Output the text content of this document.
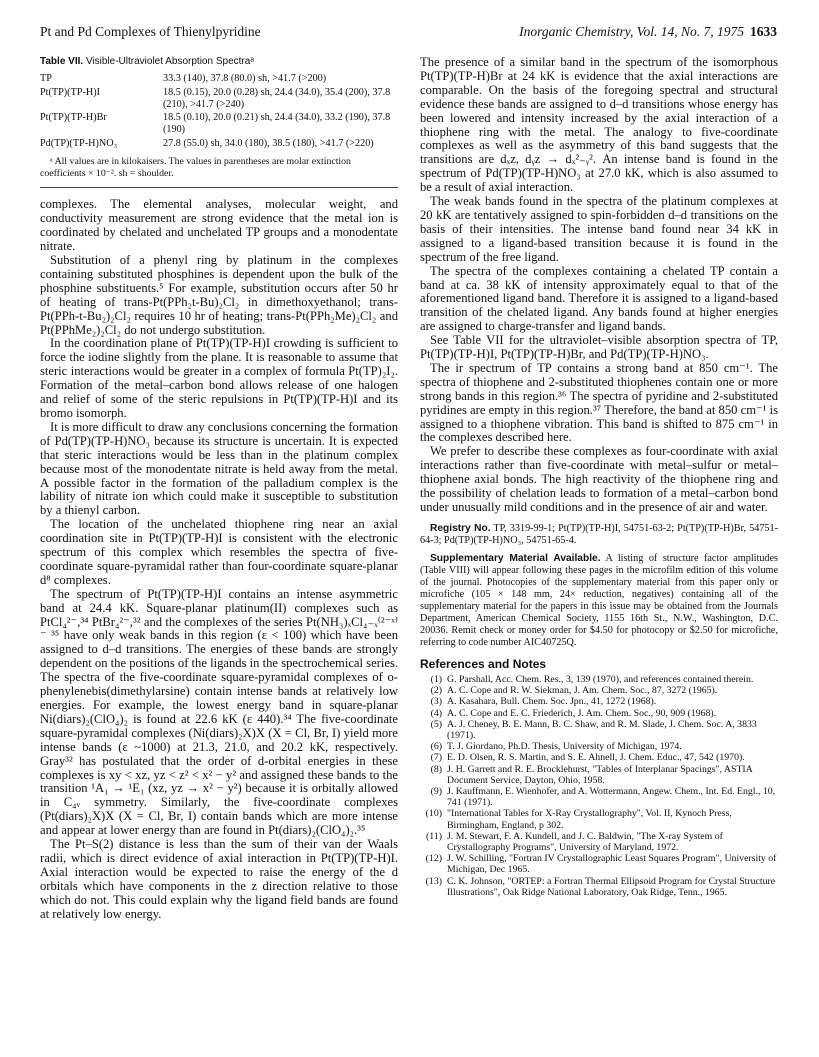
Pt and Pd Complexes of Thienylpyridine	Inorganic Chemistry, Vol. 14, No. 7, 1975 1633
Table VII. Visible-Ultraviolet Absorption Spectraᵃ
TP	33.3 (140), 37.8 (80.0) sh, >41.7 (>200)
Pt(TP)(TP-H)I	18.5 (0.15), 20.0 (0.28) sh, 24.4 (34.0), 35.4 (200), 37.8 (210), >41.7 (>240)
Pt(TP)(TP-H)Br	18.5 (0.10), 20.0 (0.21) sh, 24.4 (34.0), 33.2 (190), 37.8 (190)
Pd(TP)(TP-H)NO₃	27.8 (55.0) sh, 34.0 (180), 38.5 (180), >41.7 (>220)
ᵃ All values are in kilokaisers. The values in parentheses are molar extinction coefficients × 10⁻². sh = shoulder.

complexes. The elemental analyses, molecular weight, and conductivity measurement are strong evidence that the metal ion is coordinated by chelated and unchelated TP groups and a monodentate nitrate.

Substitution of a phenyl ring by platinum in the complexes containing substituted phosphines is dependent upon the bulk of the phosphine substituents.⁵ For example, substitution occurs after 50 hr of heating of trans-Pt(PPh₂t-Bu)₂Cl₂ in dimethoxyethanol; trans-Pt(PPh-t-Bu₂)₂Cl₂ requires 10 hr of heating; trans-Pt(PPh₂Me)₂Cl₂ and Pt(PPhMe₂)₂Cl₂ do not undergo substitution.

In the coordination plane of Pt(TP)(TP-H)I crowding is sufficient to force the iodine slightly from the plane. It is reasonable to assume that steric interactions would be greater in a complex of formula Pt(TP)₂I₂. Formation of the metal–carbon bond allows release of one halogen and relief of some of the steric repulsions in Pt(TP)(TP-H)I and its bromo isomorph.

It is more difficult to draw any conclusions concerning the formation of Pd(TP)(TP-H)NO₃ because its structure is uncertain. It is expected that steric interactions would be less than in the platinum complex because most of the monodentate nitrate is held away from the metal. A possible factor in the formation of the palladium complex is the lability of nitrate ion which could make it susceptible to substitution by a thienyl carbon.

The location of the unchelated thiophene ring near an axial coordination site in Pt(TP)(TP-H)I is consistent with the electronic spectrum of this complex which resembles the spectra of five-coordinate square-pyramidal rather than four-coordinate square-planar d⁸ complexes.

The spectrum of Pt(TP)(TP-H)I contains an intense asymmetric band at 24.4 kK. Square-planar platinum(II) complexes such as PtCl₄²⁻,³⁴ PtBr₄²⁻,³² and the complexes of the series Pt(NH₃)ₓCl₄₋ₓ⁽²⁻ˣ⁾⁻ ³⁵ have only weak bands in this region (ε < 100) which have been assigned to d–d transitions. The energies of these bands are strongly dependent on the positions of the ligands in the spectrochemical series. The spectra of the five-coordinate square-pyramidal complexes of o-phenylenebis(dimethylarsine) contain intense bands at relatively low energies. For example, the lowest energy band in square-planar Ni(diars)₂(ClO₄)₂ is found at 22.6 kK (ε 440).³⁴ The five-coordinate square-pyramidal complexes (Ni(diars)₂X)X (X = Cl, Br, I) yield more intense bands (ε ~1000) at 21.3, 21.0, and 20.2 kK, respectively. Gray³² has postulated that the order of d-orbital energies in these complexes is xy < xz, yz < z² < x² − y² and assigned these bands to the transition ¹A₁ → ¹E₁ (xz, yz → x² − y²) because it is orbitally allowed in C₄ᵥ symmetry. Similarly, the five-coordinate complexes (Pt(diars)₂X)X (X = Cl, Br, I) contain bands which are more intense and appear at lower energy than are found in Pt(diars)₂(ClO₄)₂.³⁵

The Pt–S(2) distance is less than the sum of their van der Waals radii, which is direct evidence of axial interaction in Pt(TP)(TP-H)I. Axial interaction would be expected to raise the energy of the d orbitals which have components in the z direction relative to those which do not. This could explain why the ligand field bands are found at relatively low energy.

The presence of a similar band in the spectrum of the isomorphous Pt(TP)(TP-H)Br at 24 kK is evidence that the axial interactions are comparable. On the basis of the foregoing spectral and structural evidence these bands are assigned to d–d transitions whose energy has been lowered and intensity increased by the axial interaction of a thiophene ring with the metal. The analogy to five-coordinate complexes as well as the asymmetry of this band suggests that the transitions are dₓz, dᵧz → dₓ²₋ᵧ². An intense band is found in the spectrum of Pd(TP)(TP-H)NO₃ at 27.0 kK, which is also assumed to be a result of axial interaction.

The weak bands found in the spectra of the platinum complexes at 20 kK are tentatively assigned to spin-forbidden d–d transitions on the basis of their intensities. The intense band found near 34 kK in assigned to a ligand-based transition because it is found in the spectrum of the free ligand.

The spectra of the complexes containing a chelated TP contain a band at ca. 38 kK of intensity approximately equal to that of the aforementioned ligand band. Therefore it is assigned to a ligand-based transition of the chelated ligand. Any bands found at higher energies are assigned to charge-transfer and ligand bands.

See Table VII for the ultraviolet–visible absorption spectra of TP, Pt(TP)(TP-H)I, Pt(TP)(TP-H)Br, and Pd(TP)(TP-H)NO₃.

The ir spectrum of TP contains a strong band at 850 cm⁻¹. The spectra of thiophene and 2-substituted thiophenes contain one or more strong bands in this region.³⁶ The spectra of pyridine and 2-substituted pyridines are empty in this region.³⁷ Therefore, the band at 850 cm⁻¹ is assigned to a thiophene vibration. This band is shifted to 875 cm⁻¹ in the complexes described here.

We prefer to describe these complexes as four-coordinate with axial interactions rather than five-coordinate with metal–sulfur or metal–thiophene axial bonds. The high reactivity of the thiophene ring and the possibility of chelation leads to formation of a metal–carbon bond under unusually mild conditions and in the presence of air and water.

Registry No. TP, 3319-99-1; Pt(TP)(TP-H)I, 54751-63-2; Pt(TP)(TP-H)Br, 54751-64-3; Pd(TP)(TP-H)NO₃, 54751-65-4.
Supplementary Material Available. A listing of structure factor amplitudes (Table VIII) will appear following these pages in the microfilm edition of this volume of the journal. Photocopies of the supplementary material from this paper only or microfiche (105 × 148 mm, 24× reduction, negatives) containing all of the supplementary material for the papers in this issue may be obtained from the Journals Department, American Chemical Society, 1155 16th St., N.W., Washington, D.C. 20036. Remit check or money order for $4.50 for photocopy or $2.50 for microfiche, referring to code number AIC40725Q.
References and Notes
(1) G. Parshall, Acc. Chem. Res., 3, 139 (1970), and references contained therein.
(2) A. C. Cope and R. W. Siekman, J. Am. Chem. Soc., 87, 3272 (1965).
(3) A. Kasahara, Bull. Chem. Soc. Jpn., 41, 1272 (1968).
(4) A. C. Cope and E. C. Friederich, J. Am. Chem. Soc., 90, 909 (1968).
(5) A. J. Cheney, B. E. Mann, B. C. Shaw, and R. M. Slade, J. Chem. Soc. A, 3833 (1971).
(6) T. J. Giordano, Ph.D. Thesis, University of Michigan, 1974.
(7) E. D. Olsen, R. S. Martin, and S. E. Ahnell, J. Chem. Educ., 47, 542 (1970).
(8) J. H. Garrett and R. E. Brocklehurst, "Tables of Interplanar Spacings", ASTIA Document Service, Dayton, Ohio, 1958.
(9) J. Kauffmann, E. Wienhofer, and A. Wottermann, Angew. Chem., Int. Ed. Engl., 10, 741 (1971).
(10) "International Tables for X-Ray Crystallography", Vol. II, Kynoch Press, Birmingham, England, p 302.
(11) J. M. Stewart, F. A. Kundell, and J. C. Baldwin, "The X-ray System of Crystallography Programs", University of Maryland, 1972.
(12) J. W. Schilling, "Fortran IV Crystallographic Least Squares Program", University of Michigan, Dec 1965.
(13) C. K. Johnson, "ORTEP: a Fortran Thermal Ellipsoid Program for Crystal Structure Illustrations", Oak Ridge National Laboratory, Oak Ridge, Tenn., 1965.
